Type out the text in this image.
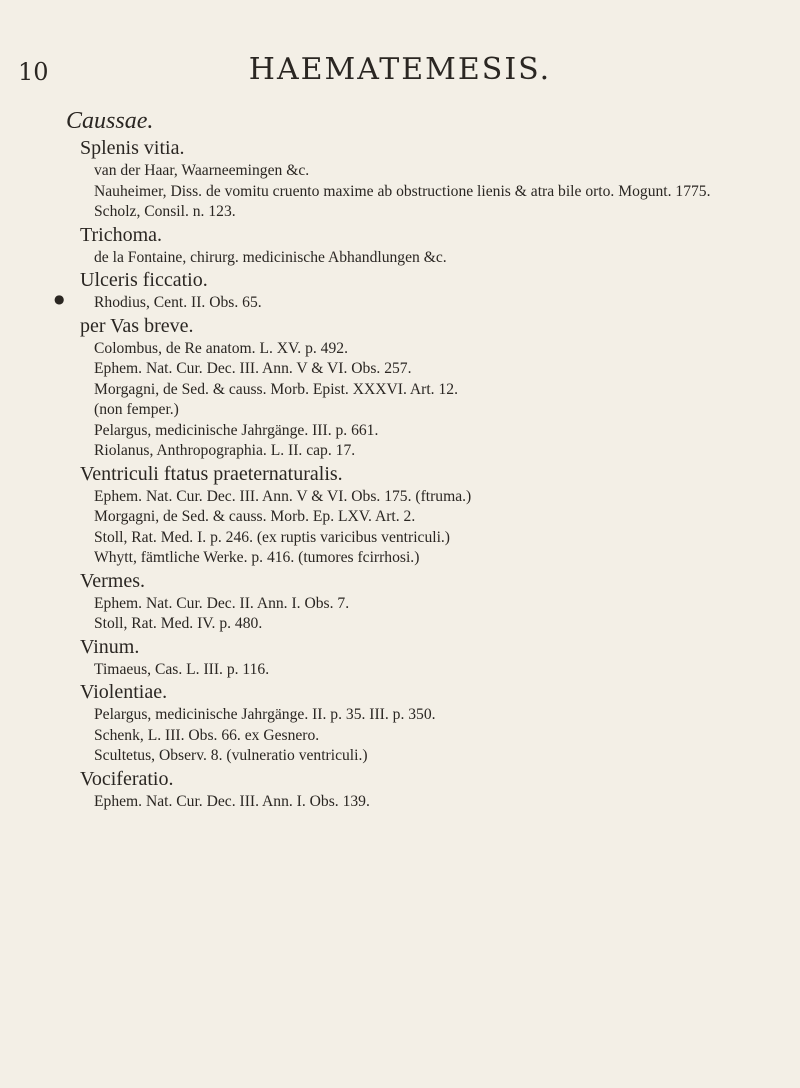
10	HAEMATEMESIS.
●

Caussae.

Splenis vitia.
van der Haar, Waarneemingen &c.
Nauheimer, Diss. de vomitu cruento maxime ab obstructione lienis & atra bile orto. Mogunt. 1775.
Scholz, Consil. n. 123.
Trichoma.
de la Fontaine, chirurg. medicinische Abhandlungen &c.
Ulceris ficcatio.
Rhodius, Cent. II. Obs. 65.
per Vas breve.
Colombus, de Re anatom. L. XV. p. 492.
Ephem. Nat. Cur. Dec. III. Ann. V & VI. Obs. 257.
Morgagni, de Sed. & causs. Morb. Epist. XXXVI. Art. 12.
(non femper.)
Pelargus, medicinische Jahrgänge. III. p. 661.
Riolanus, Anthropographia. L. II. cap. 17.
Ventriculi ftatus praeternaturalis.
Ephem. Nat. Cur. Dec. III. Ann. V & VI. Obs. 175. (ftruma.)
Morgagni, de Sed. & causs. Morb. Ep. LXV. Art. 2.
Stoll, Rat. Med. I. p. 246. (ex ruptis varicibus ventriculi.)
Whytt, fämtliche Werke. p. 416. (tumores fcirrhosi.)
Vermes.
Ephem. Nat. Cur. Dec. II. Ann. I. Obs. 7.
Stoll, Rat. Med. IV. p. 480.
Vinum.
Timaeus, Cas. L. III. p. 116.
Violentiae.
Pelargus, medicinische Jahrgänge. II. p. 35. III. p. 350.
Schenk, L. III. Obs. 66. ex Gesnero.
Scultetus, Observ. 8. (vulneratio ventriculi.)
Vociferatio.
Ephem. Nat. Cur. Dec. III. Ann. I. Obs. 139.
